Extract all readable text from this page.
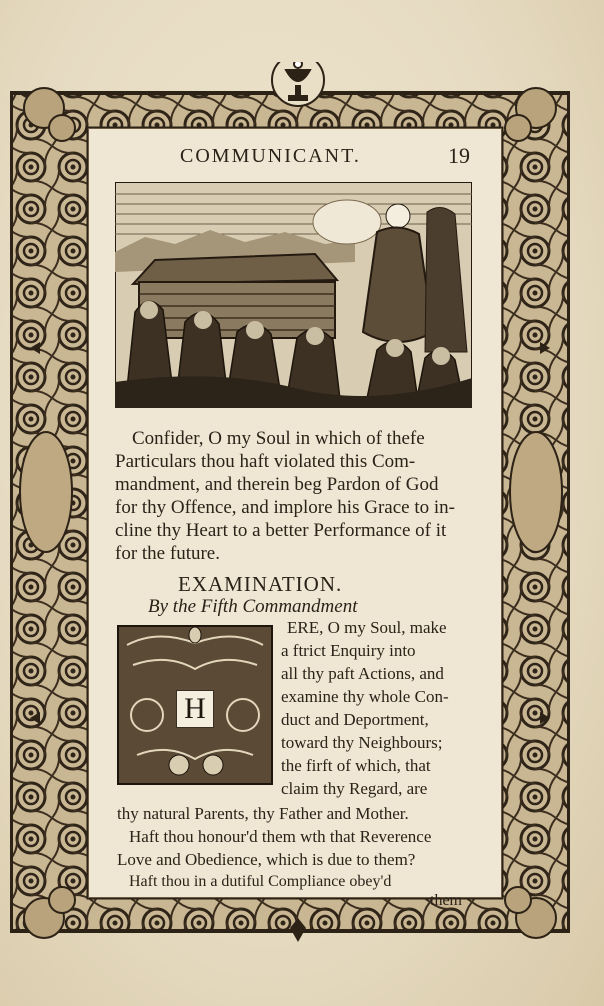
COMMUNICANT.	19

Confider, O my Soul in which of thefe

Particulars thou haft violated this Com-

mandment, and therein beg Pardon of God

for thy Offence, and implore his Grace to in-

cline thy Heart to a better Performance of it

for the future.

EXAMINATION.
By the Fifth Commandment
H
ERE, O my Soul, make
a ftrict Enquiry into
all thy paft Actions, and
examine thy whole Con-
duct and Deportment,
toward thy Neighbours;
the firft of which, that
claim thy Regard, are
thy natural Parents, thy Father and Mother.
Haft thou honour'd them wth that Reverence
Love and Obedience, which is due to them?
Haft thou in a dutiful Compliance obey'd
them
